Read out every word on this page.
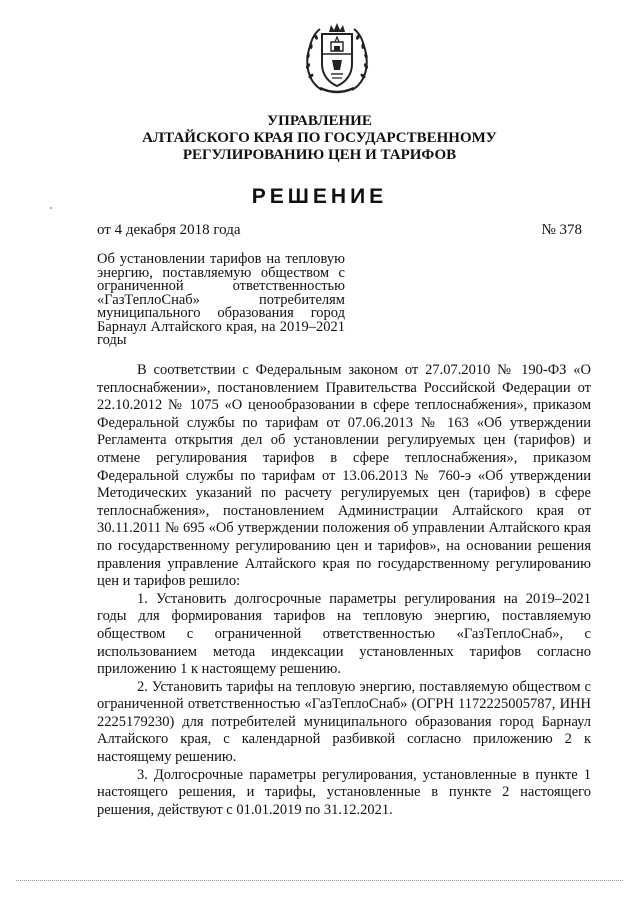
УПРАВЛЕНИЕ
АЛТАЙСКОГО КРАЯ ПО ГОСУДАРСТВЕННОМУ
РЕГУЛИРОВАНИЮ ЦЕН И ТАРИФОВ
РЕШЕНИЕ
от 4 декабря 2018 года	№ 378
Об установлении тарифов на тепловую энергию, поставляемую обществом с ограниченной ответственностью «ГазТеплоСнаб» потребителям муниципального образования город Барнаул Алтайского края, на 2019–2021 годы

В соответствии с Федеральным законом от 27.07.2010 № 190-ФЗ «О теплоснабжении», постановлением Правительства Российской Федерации от 22.10.2012 № 1075 «О ценообразовании в сфере теплоснабжения», приказом Федеральной службы по тарифам от 07.06.2013 № 163 «Об утверждении Регламента открытия дел об установлении регулируемых цен (тарифов) и отмене регулирования тарифов в сфере теплоснабжения», приказом Федеральной службы по тарифам от 13.06.2013 № 760-э «Об утверждении Методических указаний по расчету регулируемых цен (тарифов) в сфере теплоснабжения», постановлением Администрации Алтайского края от 30.11.2011 № 695 «Об утверждении положения об управлении Алтайского края по государственному регулированию цен и тарифов», на основании решения правления управление Алтайского края по государственному регулированию цен и тарифов решило:

1. Установить долгосрочные параметры регулирования на 2019–2021 годы для формирования тарифов на тепловую энергию, поставляемую обществом с ограниченной ответственностью «ГазТеплоСнаб», с использованием метода индексации установленных тарифов согласно приложению 1 к настоящему решению.

2. Установить тарифы на тепловую энергию, поставляемую обществом с ограниченной ответственностью «ГазТеплоСнаб» (ОГРН 1172225005787, ИНН 2225179230) для потребителей муниципального образования город Барнаул Алтайского края, с календарной разбивкой согласно приложению 2 к настоящему решению.

3. Долгосрочные параметры регулирования, установленные в пункте 1 настоящего решения, и тарифы, установленные в пункте 2 настоящего решения, действуют с 01.01.2019 по 31.12.2021.
